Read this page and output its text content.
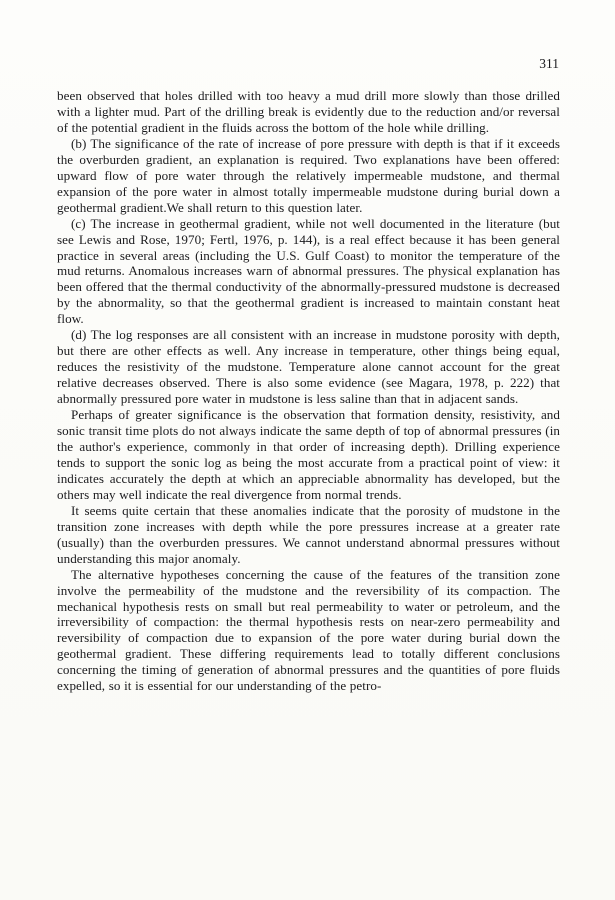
311

been observed that holes drilled with too heavy a mud drill more slowly than those drilled with a lighter mud. Part of the drilling break is evidently due to the reduction and/or reversal of the potential gradient in the fluids across the bottom of the hole while drilling.

(b) The significance of the rate of increase of pore pressure with depth is that if it exceeds the overburden gradient, an explanation is required. Two explanations have been offered: upward flow of pore water through the relatively impermeable mudstone, and thermal expansion of the pore water in almost totally impermeable mudstone during burial down a geothermal gradient.We shall return to this question later.

(c) The increase in geothermal gradient, while not well documented in the literature (but see Lewis and Rose, 1970; Fertl, 1976, p. 144), is a real effect because it has been general practice in several areas (including the U.S. Gulf Coast) to monitor the temperature of the mud returns. Anomalous increases warn of abnormal pressures. The physical explanation has been offered that the thermal conductivity of the abnormally-pressured mudstone is decreased by the abnormality, so that the geothermal gradient is increased to maintain constant heat flow.

(d) The log responses are all consistent with an increase in mudstone porosity with depth, but there are other effects as well. Any increase in temperature, other things being equal, reduces the resistivity of the mudstone. Temperature alone cannot account for the great relative decreases observed. There is also some evidence (see Magara, 1978, p. 222) that abnormally pressured pore water in mudstone is less saline than that in adjacent sands.

Perhaps of greater significance is the observation that formation density, resistivity, and sonic transit time plots do not always indicate the same depth of top of abnormal pressures (in the author's experience, commonly in that order of increasing depth). Drilling experience tends to support the sonic log as being the most accurate from a practical point of view: it indicates accurately the depth at which an appreciable abnormality has developed, but the others may well indicate the real divergence from normal trends.

It seems quite certain that these anomalies indicate that the porosity of mudstone in the transition zone increases with depth while the pore pressures increase at a greater rate (usually) than the overburden pressures. We cannot understand abnormal pressures without understanding this major anomaly.

The alternative hypotheses concerning the cause of the features of the transition zone involve the permeability of the mudstone and the reversibility of its compaction. The mechanical hypothesis rests on small but real permeability to water or petroleum, and the irreversibility of compaction: the thermal hypothesis rests on near-zero permeability and reversibility of compaction due to expansion of the pore water during burial down the geothermal gradient. These differing requirements lead to totally different conclusions concerning the timing of generation of abnormal pressures and the quantities of pore fluids expelled, so it is essential for our understanding of the petro-
